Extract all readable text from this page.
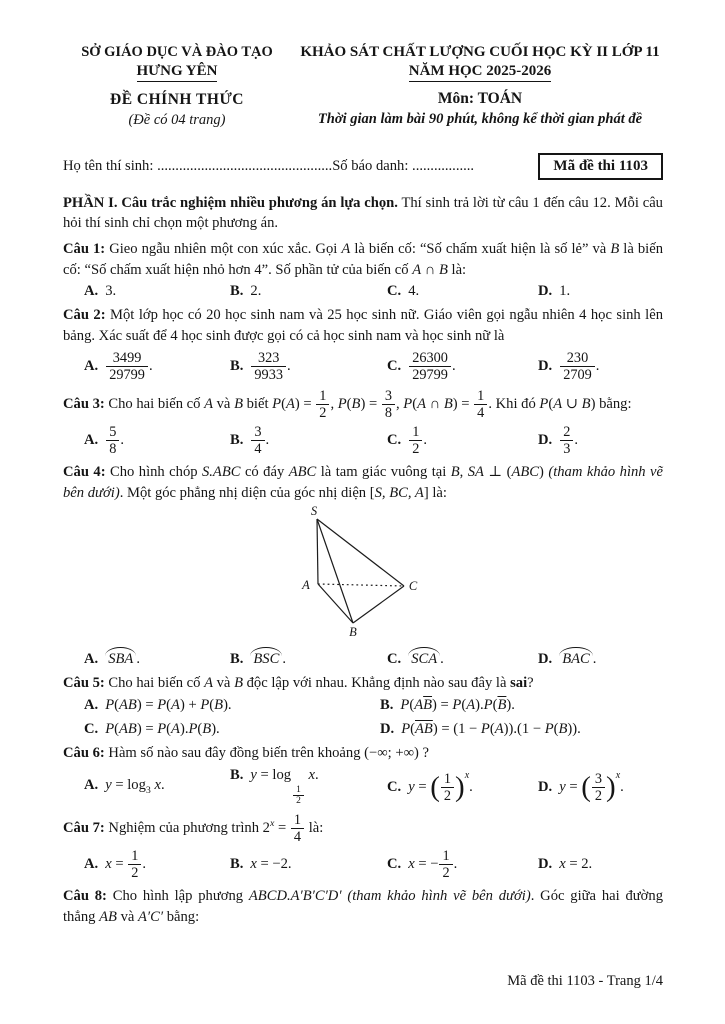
SỞ GIÁO DỤC VÀ ĐÀO TẠO
HƯNG YÊN
ĐỀ CHÍNH THỨC
(Đề có 04 trang)
KHẢO SÁT CHẤT LƯỢNG CUỐI HỌC KỲ II LỚP 11
NĂM HỌC 2025-2026
Môn: TOÁN
Thời gian làm bài 90 phút, không kể thời gian phát đề
Họ tên thí sinh: ................................................Số báo danh: .................	Mã đề thi 1103
PHẦN I. Câu trắc nghiệm nhiều phương án lựa chọn. Thí sinh trả lời từ câu 1 đến câu 12. Mỗi câu hỏi thí sinh chỉ chọn một phương án.

Câu 1: Gieo ngẫu nhiên một con xúc xắc. Gọi A là biến cố: “Số chấm xuất hiện là số lẻ” và B là biến cố: “Số chấm xuất hiện nhỏ hơn 4”. Số phần tử của biến cố A ∩ B là:

A. 3.	B. 2.	C. 4.	D. 1.

Câu 2: Một lớp học có 20 học sinh nam và 25 học sinh nữ. Giáo viên gọi ngẫu nhiên 4 học sinh lên bảng. Xác suất để 4 học sinh được gọi có cả học sinh nam và học sinh nữ là

A. $\frac{3499}{29799}$ .	B. $\frac{323}{9933}$ .	C. $\frac{26300}{29799}$ .	D. $\frac{230}{2709}$ .

Câu 3: Cho hai biến cố A và B biết $P(A) = \frac{1}{2}$ , $P(B) = \frac{3}{8}$ , P(A ∩ $B) = \frac{1}{4}$ . Khi đó P(A ∪ B) bằng:

A. $\frac{5}{8}$ .	B. $\frac{3}{4}$ .	C. $\frac{1}{2}$ .	D. $\frac{2}{3}$ .

Câu 4: Cho hình chóp S.ABC có đáy ABC là tam giác vuông tại B, SA ⊥ (ABC) (tham khảo hình vẽ bên dưới). Một góc phẳng nhị diện của góc nhị diện [S, BC, A] là:

S
A
B
C
A. SBA .	B. BSC .	C. SCA .	D. BAC .

Câu 5: Cho hai biến cố A và B độc lập với nhau. Khẳng định nào sau đây là sai?

A. P(AB) = P(A) + P(B).	B. $P(A\overline{B}) = P(A).P(\overline{B})$.
C. P(AB) = P(A).P(B).	D. $P(\overline{AB}) = (1 - P(A)).(1 - P(B))$.

Câu 6: Hàm số nào sau đây đồng biến trên khoảng (−∞; +∞) ?

A. $y = \log_3 x$.
B. y = log
$\frac{1}{2}$
x.
C. y = ( $\frac{1}{2}$ ) $^x$.	D. y = ( $\frac{3}{2}$ ) $^x$.

Câu 7: Nghiệm của phương trình $2^x = \frac{1}{4}$ là:

A. $x = \frac{1}{2}$ .	B. x = −2.	C. x = − $\frac{1}{2}$ .	D. x = 2.

Câu 8: Cho hình lập phương ABCD.A′B′C′D′ (tham khảo hình vẽ bên dưới). Góc giữa hai đường thẳng AB và A′C′ bằng:

Mã đề thi 1103 - Trang 1/4
